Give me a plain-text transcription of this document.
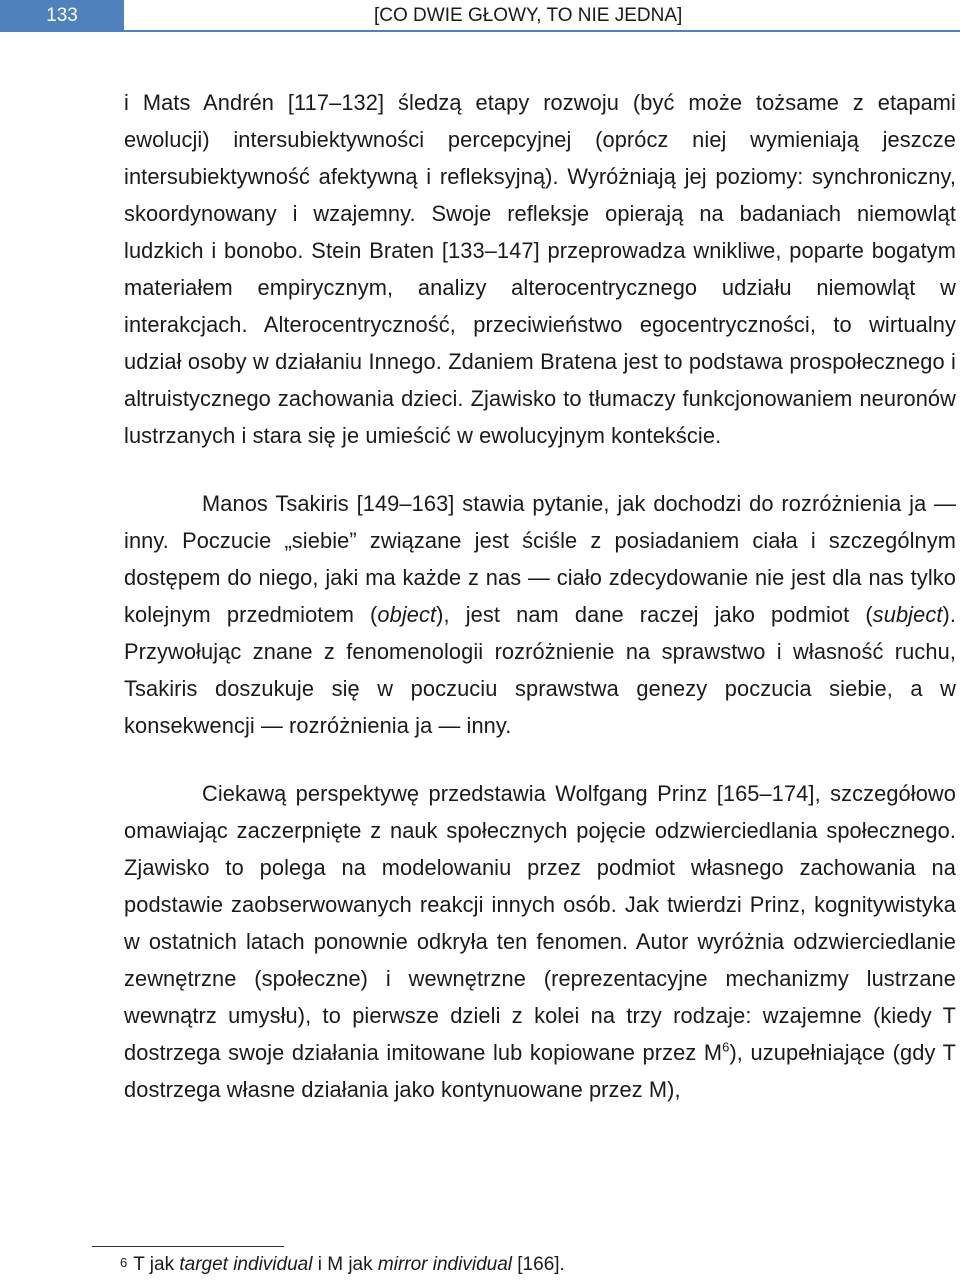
133	[CO DWIE GŁOWY, TO NIE JEDNA]

i Mats Andrén [117–132] śledzą etapy rozwoju (być może tożsame z etapami ewolucji) intersubiektywności percepcyjnej (oprócz niej wymieniają jeszcze intersubiektywność afektywną i refleksyjną). Wyróżniają jej poziomy: synchroniczny, skoordynowany i wzajemny. Swoje refleksje opierają na badaniach niemowląt ludzkich i bonobo. Stein Braten [133–147] przeprowadza wnikliwe, poparte bogatym materiałem empirycznym, analizy alterocentrycznego udziału niemowląt w interakcjach. Alterocentryczność, przeciwieństwo egocentryczności, to wirtualny udział osoby w działaniu Innego. Zdaniem Bratena jest to podstawa prospołecznego i altruistycznego zachowania dzieci. Zjawisko to tłumaczy funkcjonowaniem neuronów lustrzanych i stara się je umieścić w ewolucyjnym kontekście.

Manos Tsakiris [149–163] stawia pytanie, jak dochodzi do rozróżnienia ja — inny. Poczucie „siebie” związane jest ściśle z posiadaniem ciała i szczególnym dostępem do niego, jaki ma każde z nas — ciało zdecydowanie nie jest dla nas tylko kolejnym przedmiotem (object), jest nam dane raczej jako podmiot (subject). Przywołując znane z fenomenologii rozróżnienie na sprawstwo i własność ruchu, Tsakiris doszukuje się w poczuciu sprawstwa genezy poczucia siebie, a w konsekwencji — rozróżnienia ja — inny.

Ciekawą perspektywę przedstawia Wolfgang Prinz [165–174], szczegółowo omawiając zaczerpnięte z nauk społecznych pojęcie odzwierciedlania społecznego. Zjawisko to polega na modelowaniu przez podmiot własnego zachowania na podstawie zaobserwowanych reakcji innych osób. Jak twierdzi Prinz, kognitywistyka w ostatnich latach ponownie odkryła ten fenomen. Autor wyróżnia odzwierciedlanie zewnętrzne (społeczne) i wewnętrzne (reprezentacyjne mechanizmy lustrzane wewnątrz umysłu), to pierwsze dzieli z kolei na trzy rodzaje: wzajemne (kiedy T dostrzega swoje działania imitowane lub kopiowane przez $M^6$), uzupełniające (gdy T dostrzega własne działania jako kontynuowane przez M),

$^6$ T jak target individual i M jak mirror individual [166].
